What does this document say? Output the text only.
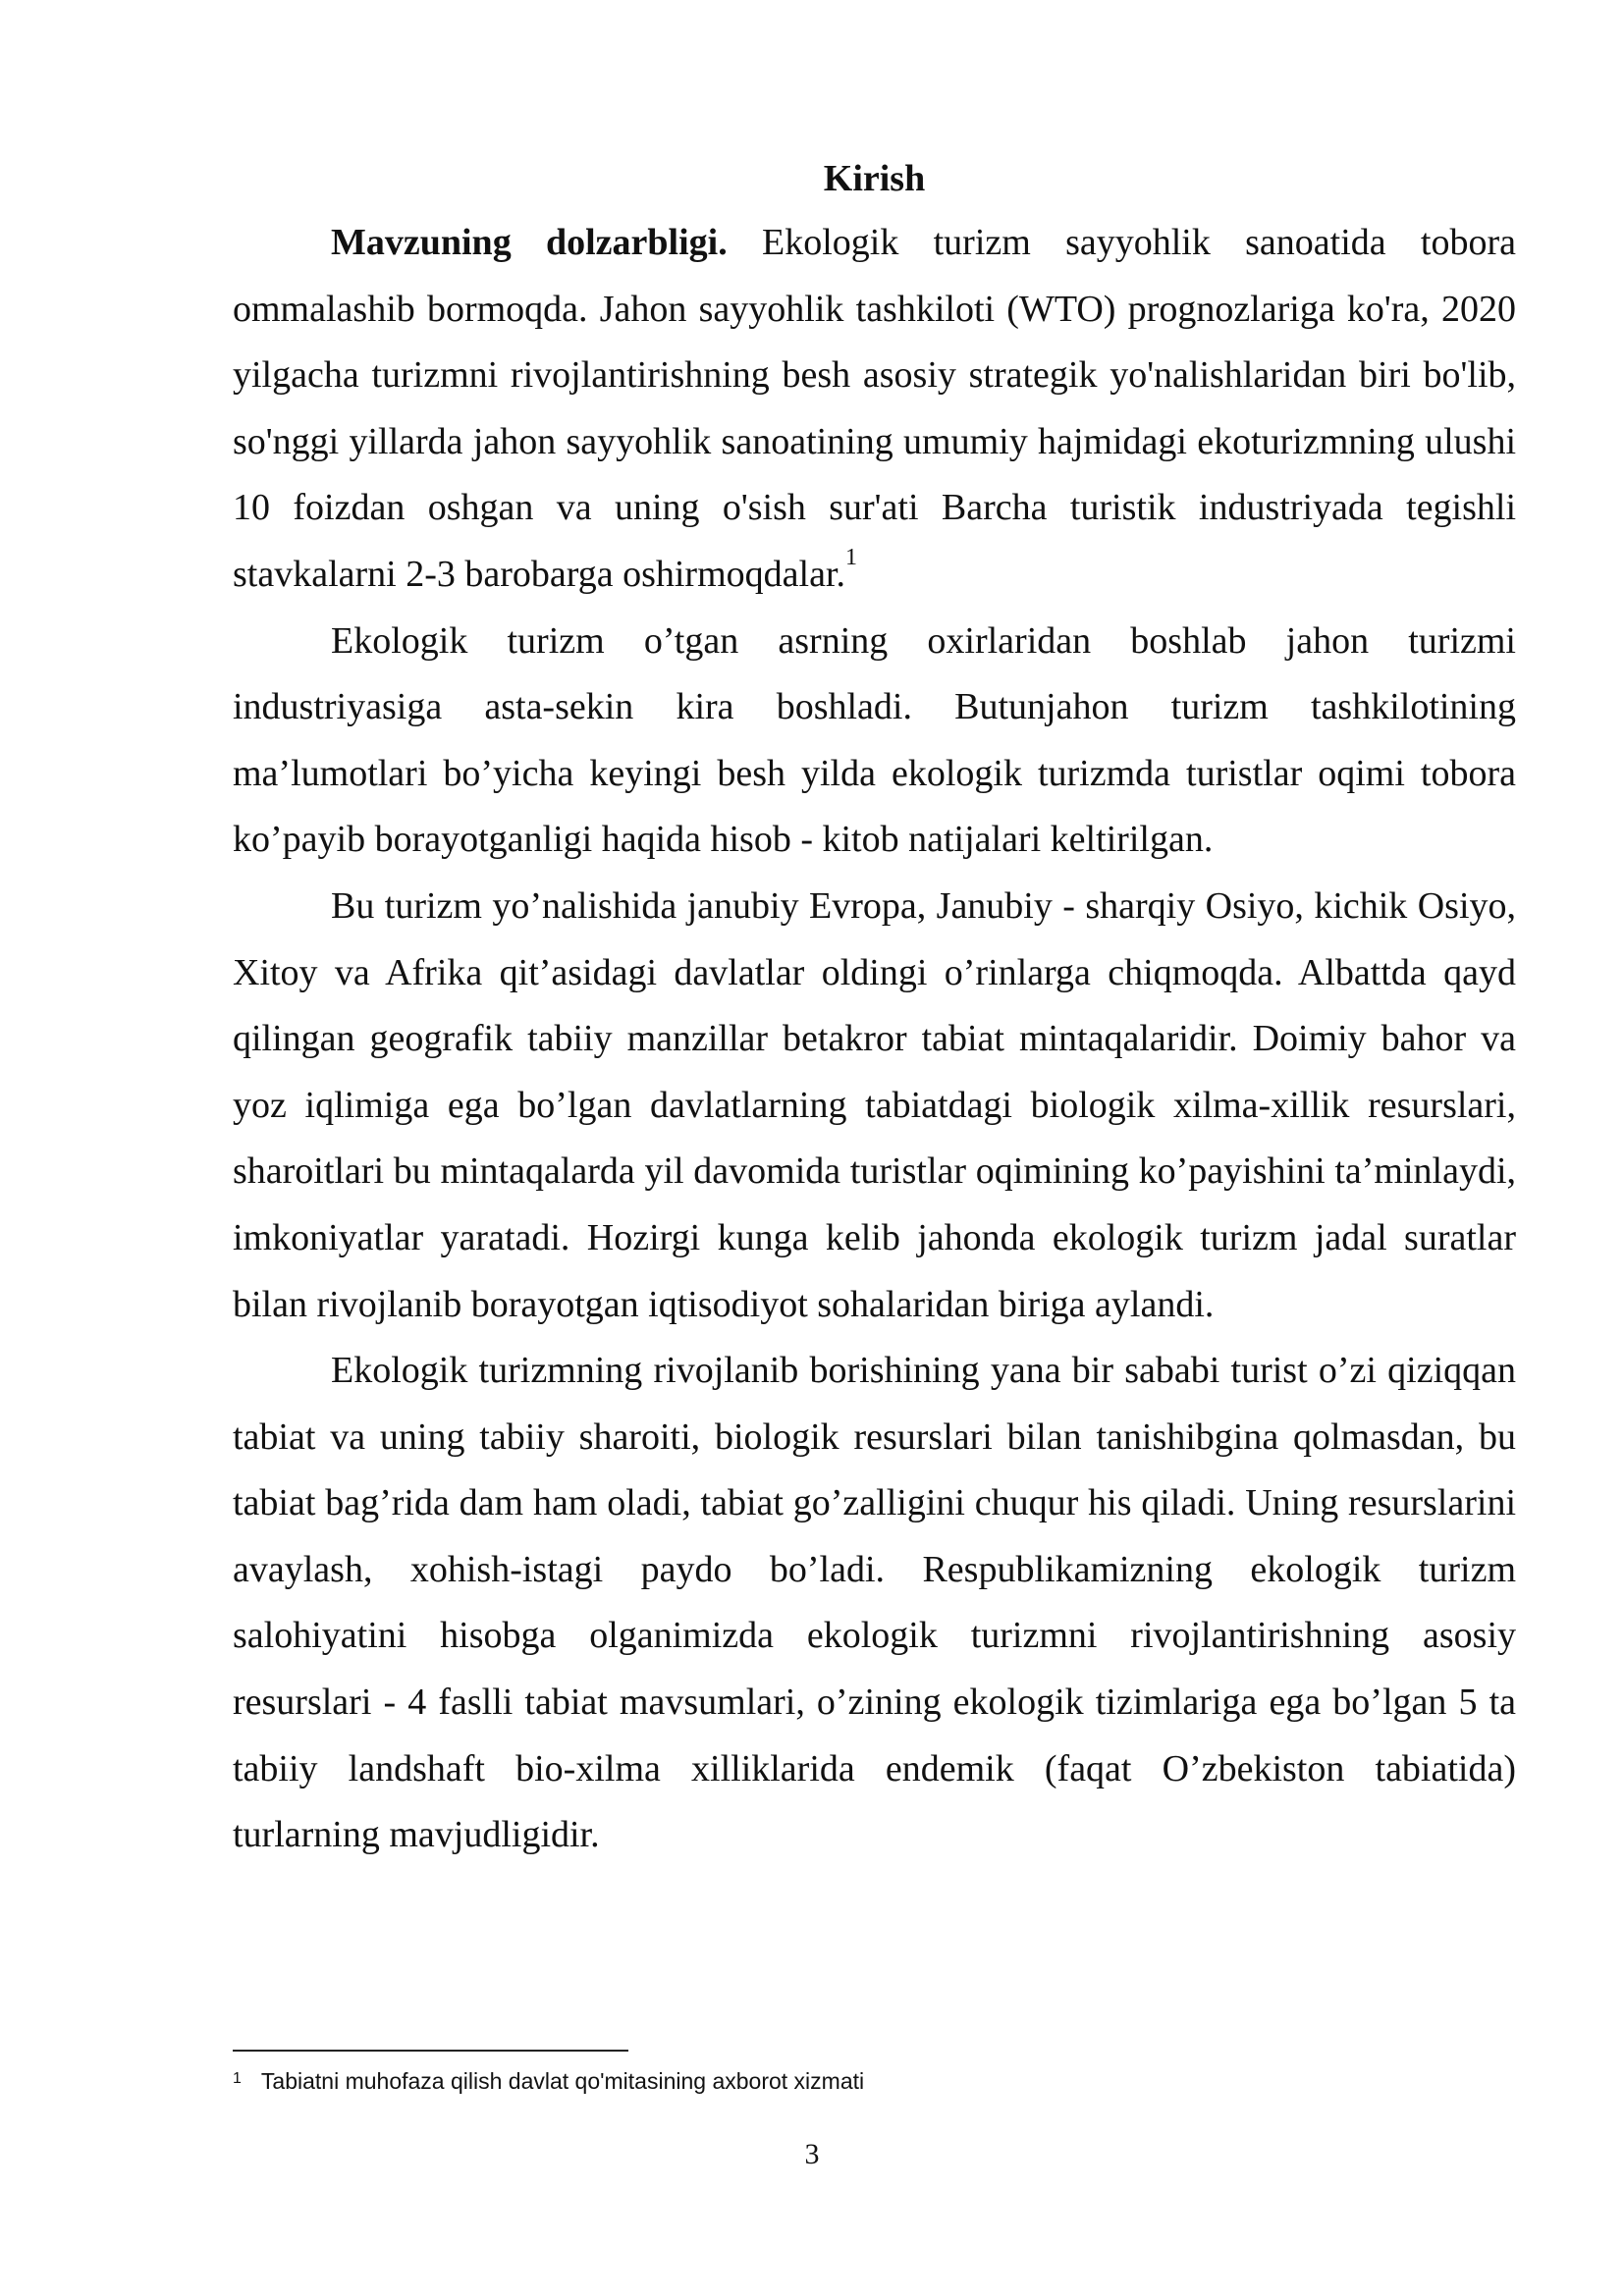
Kirish

Mavzuning dolzarbligi. Ekologik turizm sayyohlik sanoatida tobora ommalashib bormoqda. Jahon sayyohlik tashkiloti (WTO) prognozlariga ko'ra, 2020 yilgacha turizmni rivojlantirishning besh asosiy strategik yo'nalishlaridan biri bo'lib, so'nggi yillarda jahon sayyohlik sanoatining umumiy hajmidagi ekoturizmning ulushi 10 foizdan oshgan va uning o'sish sur'ati Barcha turistik industriyada tegishli stavkalarni 2-3 barobarga oshirmoqdalar.$^1$

Ekologik turizm o’tgan asrning oxirlaridan boshlab jahon turizmi industriyasiga asta-sekin kira boshladi. Butunjahon turizm tashkilotining ma’lumotlari bo’yicha keyingi besh yilda ekologik turizmda turistlar oqimi tobora ko’payib borayotganligi haqida hisob - kitob natijalari keltirilgan.

Bu turizm yo’nalishida janubiy Evropa, Janubiy - sharqiy Osiyo, kichik Osiyo, Xitoy va Afrika qit’asidagi davlatlar oldingi o’rinlarga chiqmoqda. Albattda qayd qilingan geografik tabiiy manzillar betakror tabiat mintaqalaridir. Doimiy bahor va yoz iqlimiga ega bo’lgan davlatlarning tabiatdagi biologik xilma-xillik resurslari, sharoitlari bu mintaqalarda yil davomida turistlar oqimining ko’payishini ta’minlaydi, imkoniyatlar yaratadi. Hozirgi kunga kelib jahonda ekologik turizm jadal suratlar bilan rivojlanib borayotgan iqtisodiyot sohalaridan biriga aylandi.

Ekologik turizmning rivojlanib borishining yana bir sababi turist o’zi qiziqqan tabiat va uning tabiiy sharoiti, biologik resurslari bilan tanishibgina qolmasdan, bu tabiat bag’rida dam ham oladi, tabiat go’zalligini chuqur his qiladi. Uning resurslarini avaylash, xohish-istagi paydo bo’ladi. Respublikamizning ekologik turizm salohiyatini hisobga olganimizda ekologik turizmni rivojlantirishning asosiy resurslari - 4 faslli tabiat mavsumlari, o’zining ekologik tizimlariga ega bo’lgan 5 ta tabiiy landshaft bio-xilma xilliklarida endemik (faqat O’zbekiston tabiatida) turlarning mavjudligidir.

$^1$ Tabiatni muhofaza qilish davlat qo'mitasining axborot xizmati
3
